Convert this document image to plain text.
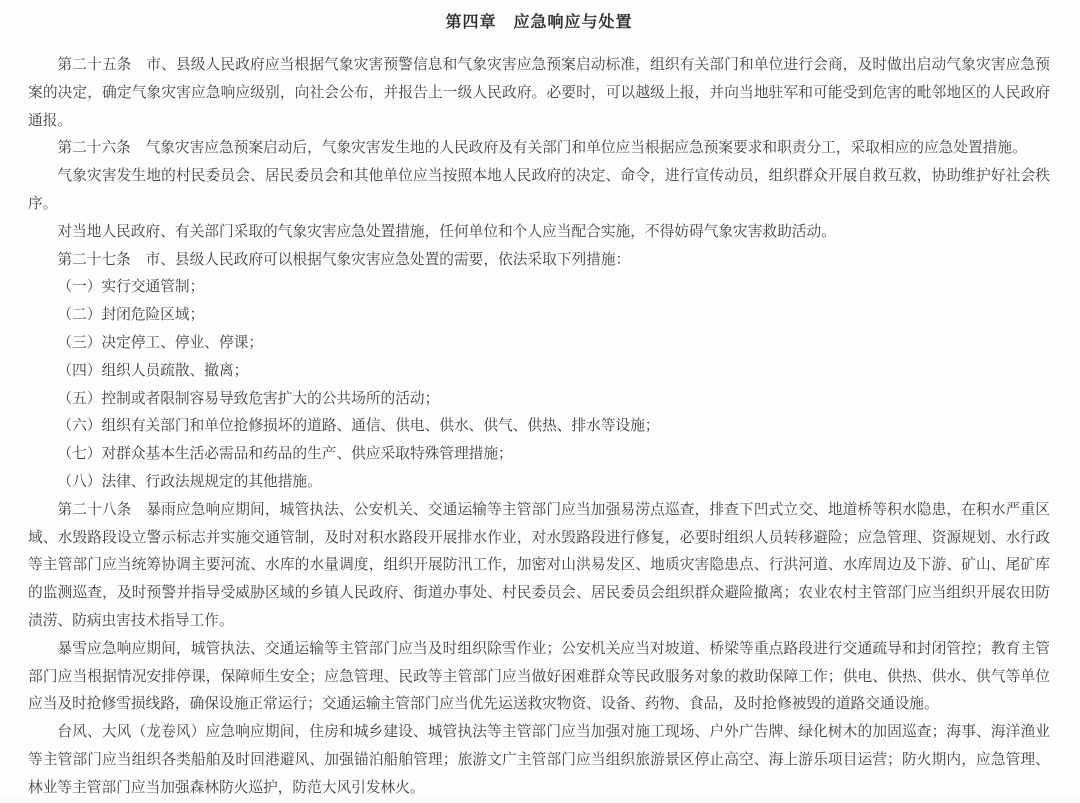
第四章　应急响应与处置

第二十五条　市、县级人民政府应当根据气象灾害预警信息和气象灾害应急预案启动标准，组织有关部门和单位进行会商，及时做出启动气象灾害应急预案的决定，确定气象灾害应急响应级别，向社会公布，并报告上一级人民政府。必要时，可以越级上报，并向当地驻军和可能受到危害的毗邻地区的人民政府通报。

第二十六条　气象灾害应急预案启动后，气象灾害发生地的人民政府及有关部门和单位应当根据应急预案要求和职责分工，采取相应的应急处置措施。

气象灾害发生地的村民委员会、居民委员会和其他单位应当按照本地人民政府的决定、命令，进行宣传动员，组织群众开展自救互救，协助维护好社会秩序。

对当地人民政府、有关部门采取的气象灾害应急处置措施，任何单位和个人应当配合实施，不得妨碍气象灾害救助活动。

第二十七条　市、县级人民政府可以根据气象灾害应急处置的需要，依法采取下列措施：

（一）实行交通管制；

（二）封闭危险区域；

（三）决定停工、停业、停课；

（四）组织人员疏散、撤离；

（五）控制或者限制容易导致危害扩大的公共场所的活动；

（六）组织有关部门和单位抢修损坏的道路、通信、供电、供水、供气、供热、排水等设施；

（七）对群众基本生活必需品和药品的生产、供应采取特殊管理措施；

（八）法律、行政法规规定的其他措施。

第二十八条　暴雨应急响应期间，城管执法、公安机关、交通运输等主管部门应当加强易涝点巡查，排查下凹式立交、地道桥等积水隐患，在积水严重区域、水毁路段设立警示标志并实施交通管制，及时对积水路段开展排水作业，对水毁路段进行修复，必要时组织人员转移避险；应急管理、资源规划、水行政等主管部门应当统筹协调主要河流、水库的水量调度，组织开展防汛工作，加密对山洪易发区、地质灾害隐患点、行洪河道、水库周边及下游、矿山、尾矿库的监测巡查，及时预警并指导受威胁区域的乡镇人民政府、街道办事处、村民委员会、居民委员会组织群众避险撤离；农业农村主管部门应当组织开展农田防渍涝、防病虫害技术指导工作。

暴雪应急响应期间，城管执法、交通运输等主管部门应当及时组织除雪作业；公安机关应当对坡道、桥梁等重点路段进行交通疏导和封闭管控；教育主管部门应当根据情况安排停课，保障师生安全；应急管理、民政等主管部门应当做好困难群众等民政服务对象的救助保障工作；供电、供热、供水、供气等单位应当及时抢修雪损线路，确保设施正常运行；交通运输主管部门应当优先运送救灾物资、设备、药物、食品，及时抢修被毁的道路交通设施。

台风、大风（龙卷风）应急响应期间，住房和城乡建设、城管执法等主管部门应当加强对施工现场、户外广告牌、绿化树木的加固巡查；海事、海洋渔业等主管部门应当组织各类船舶及时回港避风、加强锚泊船舶管理；旅游文广主管部门应当组织旅游景区停止高空、海上游乐项目运营；防火期内，应急管理、林业等主管部门应当加强森林防火巡护，防范大风引发林火。
